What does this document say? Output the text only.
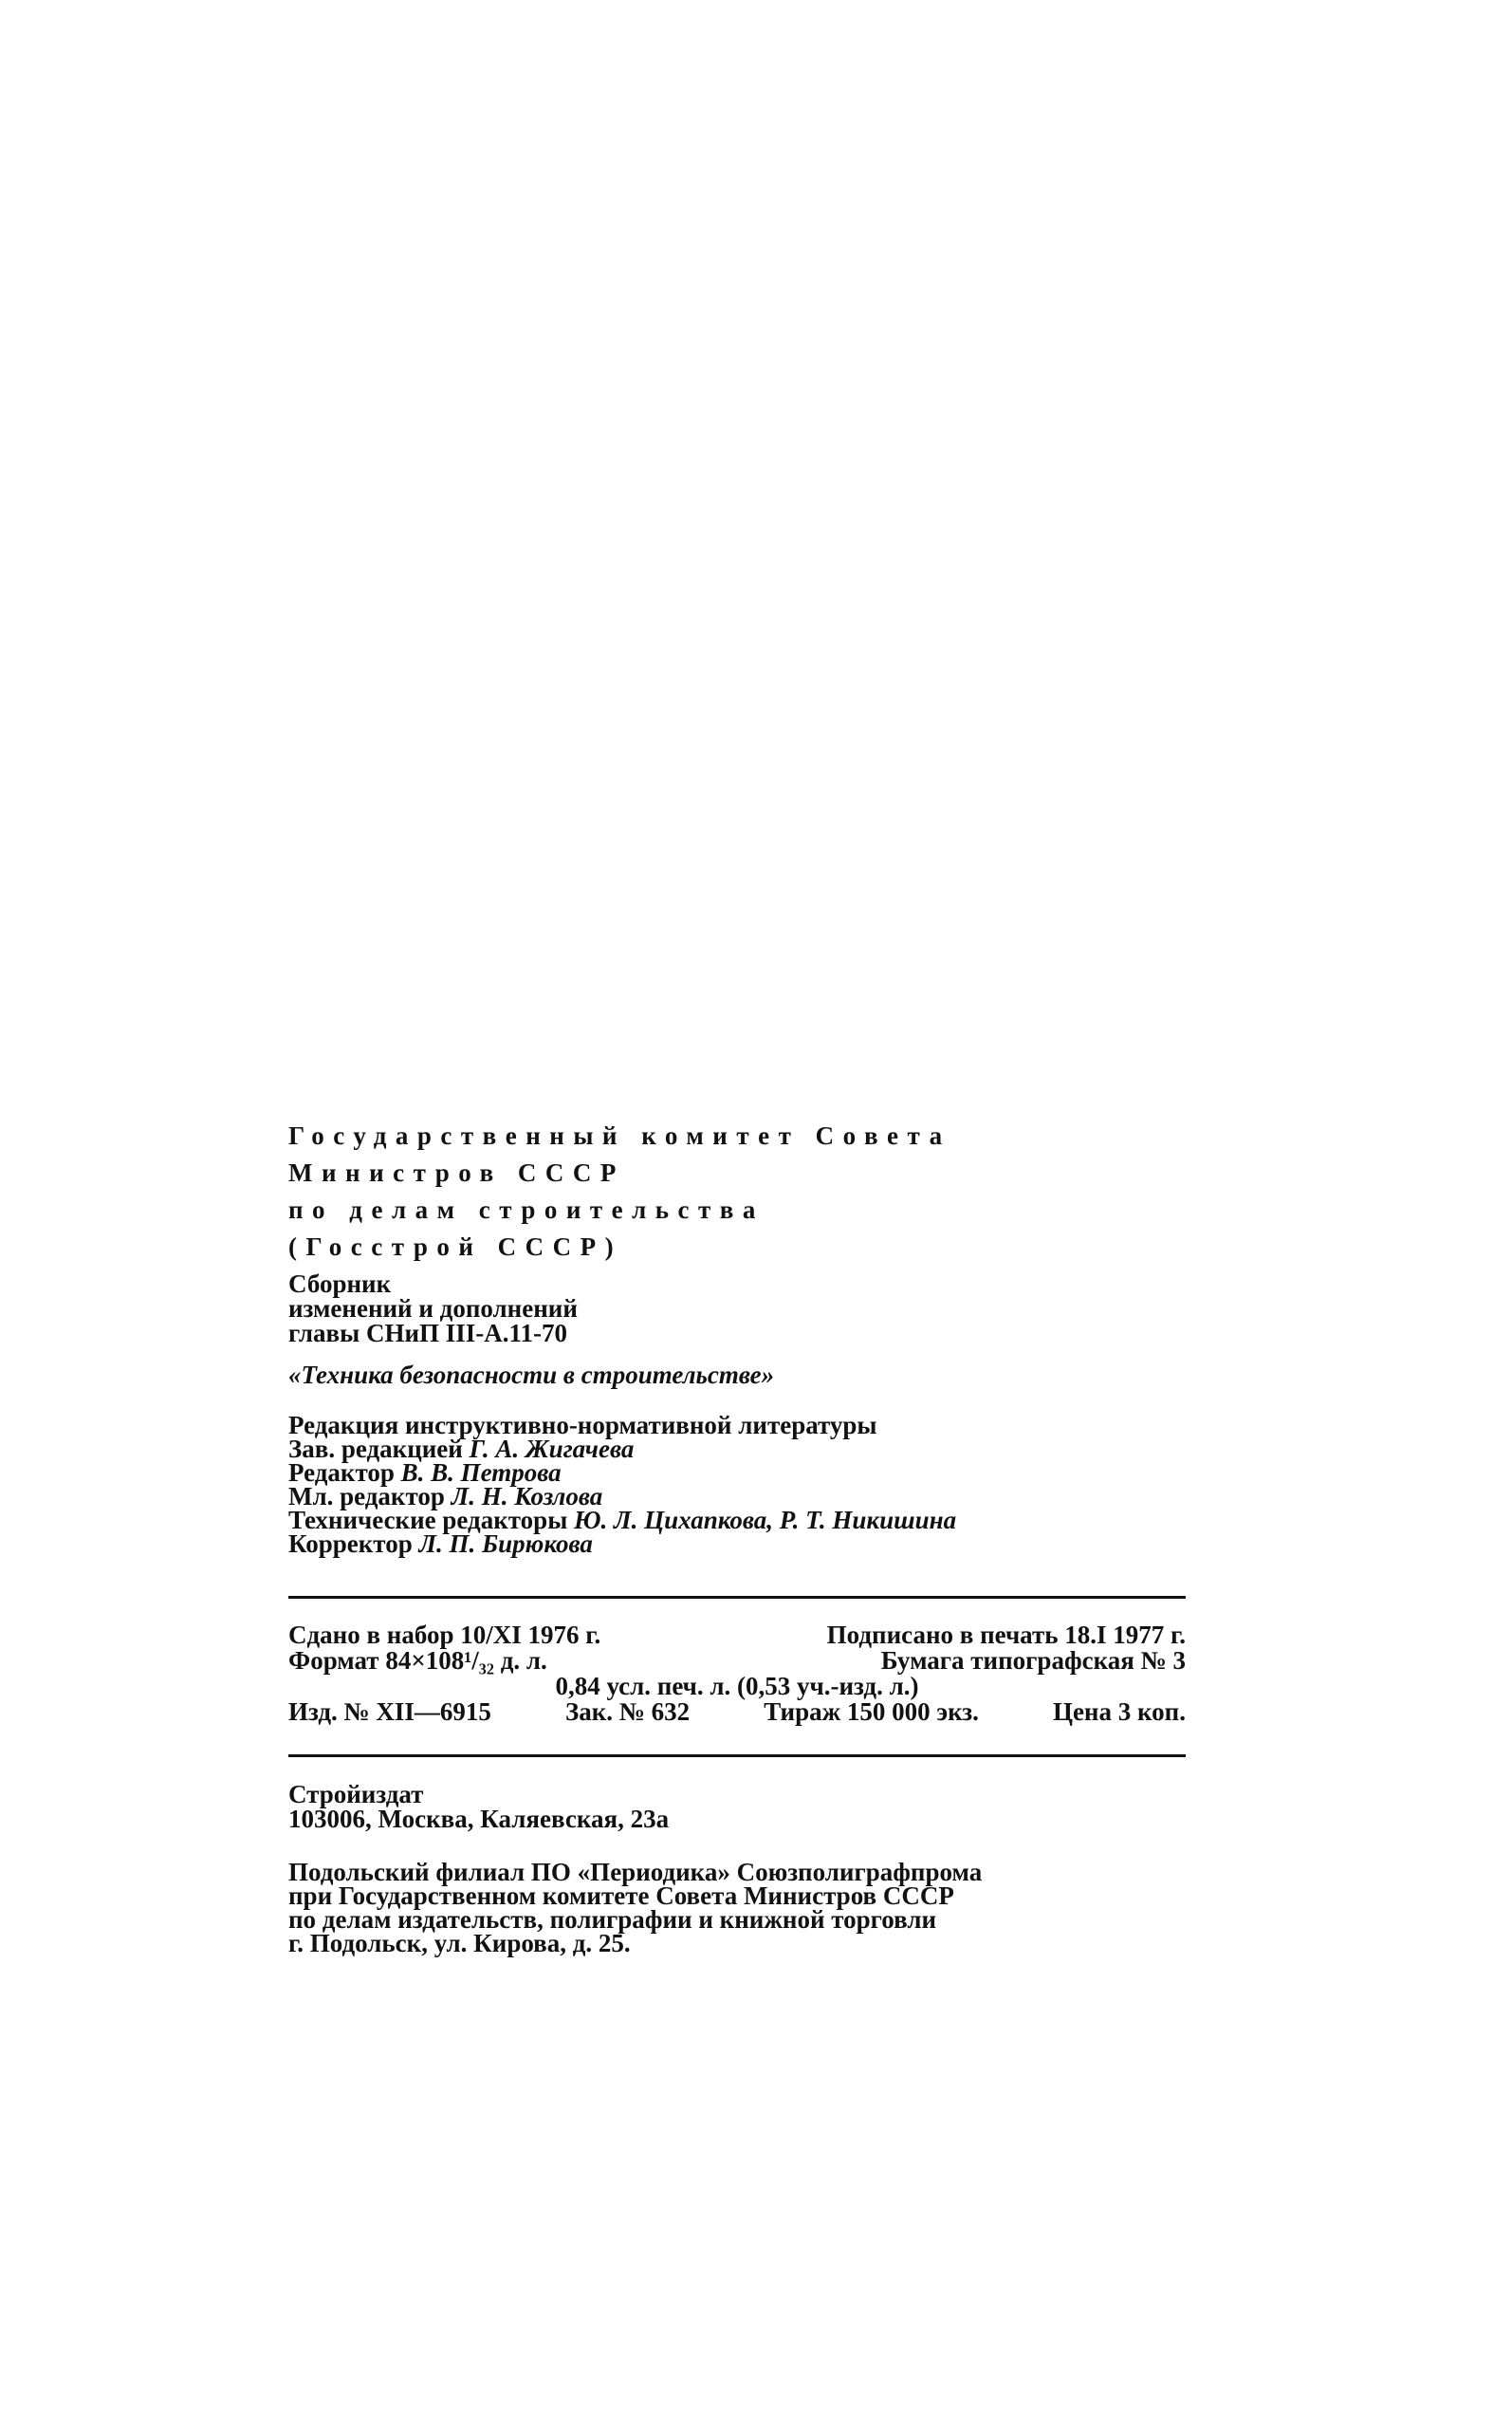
Государственный комитет Совета
Министров СССР
по делам строительства
(Госстрой СССР)
Сборник
изменений и дополнений
главы СНиП III-А.11-70
«Техника безопасности в строительстве»
Редакция инструктивно-нормативной литературы
Зав. редакцией Г. А. Жигачева
Редактор В. В. Петрова
Мл. редактор Л. Н. Козлова
Технические редакторы Ю. Л. Цихапкова, Р. Т. Никишина
Корректор Л. П. Бирюкова
Сдано в набор 10/XI 1976 г.	Подписано в печать 18.I 1977 г.
Формат 84×108¹/₃₂ д. л.	Бумага типографская № 3
0,84 усл. печ. л. (0,53 уч.-изд. л.)
Изд. № XII—6915	Зак. № 632	Тираж 150 000 экз.	Цена 3 коп.
Стройиздат
103006, Москва, Каляевская, 23а
Подольский филиал ПО «Периодика» Союзполиграфпрома
при Государственном комитете Совета Министров СССР
по делам издательств, полиграфии и книжной торговли
г. Подольск, ул. Кирова, д. 25.
